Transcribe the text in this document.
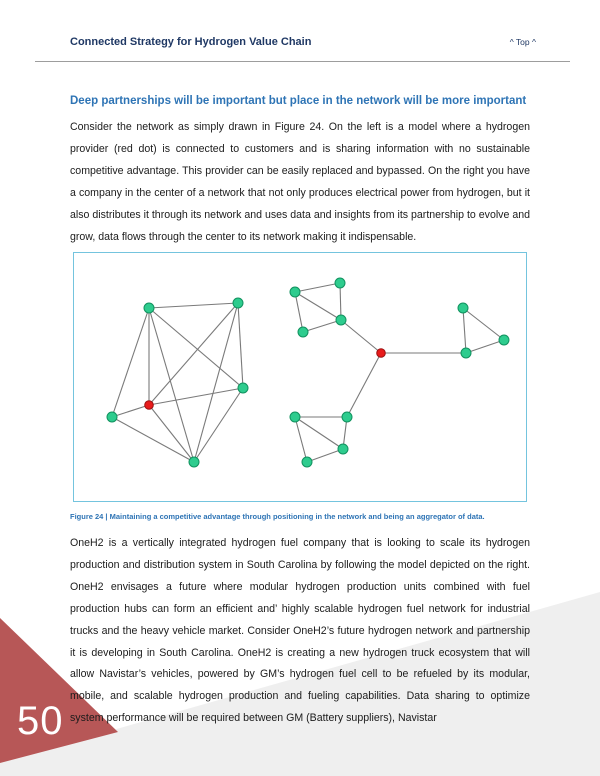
50
Connected Strategy for Hydrogen Value Chain	^ Top ^
Deep partnerships will be important but place in the network will be more important
Consider the network as simply drawn in Figure 24. On the left is a model where a hydrogen provider (red dot) is connected to customers and is sharing information with no sustainable competitive advantage. This provider can be easily replaced and bypassed. On the right you have a company in the center of a network that not only produces electrical power from hydrogen, but it also distributes it through its network and uses data and insights from its partnership to evolve and grow, data flows through the center to its network making it indispensable.
Figure 24 | Maintaining a competitive advantage through positioning in the network and being an aggregator of data.
OneH2 is a vertically integrated hydrogen fuel company that is looking to scale its hydrogen production and distribution system in South Carolina by following the model depicted on the right. OneH2 envisages a future where modular hydrogen production units combined with fuel production hubs can form an efficient and’ highly scalable hydrogen fuel network for industrial trucks and the heavy vehicle market. Consider OneH2’s future hydrogen network and partnership it is developing in South Carolina. OneH2 is creating a new hydrogen truck ecosystem that will allow Navistar’s vehicles, powered by GM’s hydrogen fuel cell to be refueled by its modular, mobile, and scalable hydrogen production and fueling capabilities. Data sharing to optimize system performance will be required between GM (Battery suppliers), Navistar
